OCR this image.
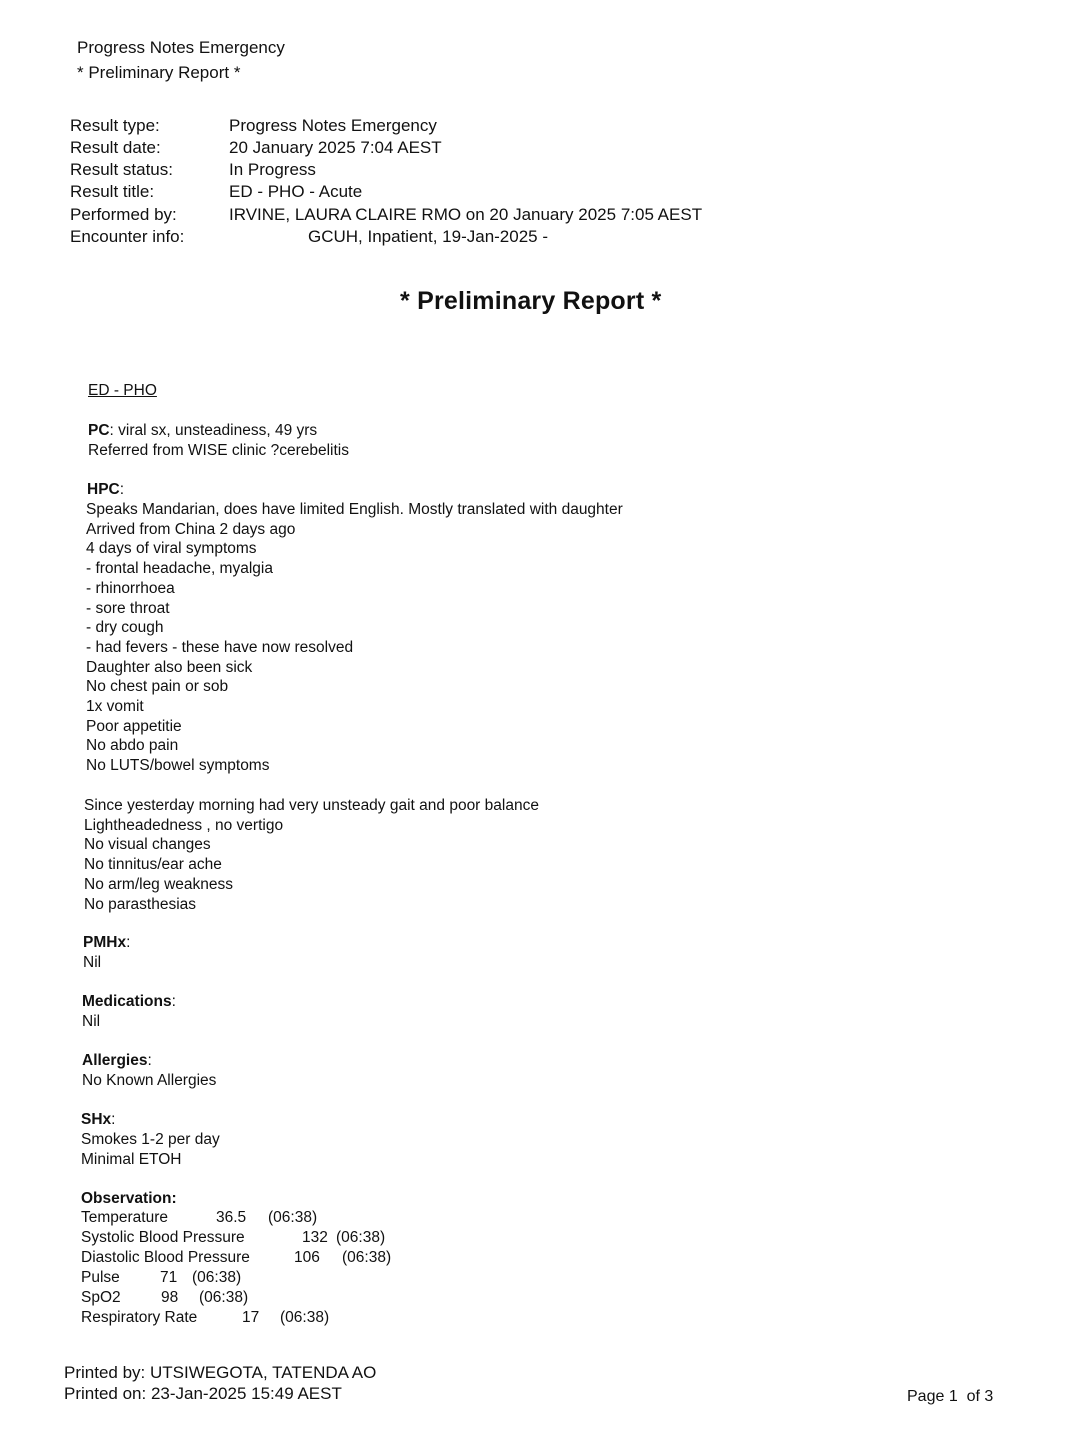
Progress Notes Emergency
* Preliminary Report *
Result type:	Progress Notes Emergency
Result date:	20 January 2025 7:04 AEST
Result status:	In Progress
Result title:	ED - PHO - Acute
Performed by:	IRVINE, LAURA CLAIRE RMO on 20 January 2025 7:05 AEST
Encounter info:	GCUH, Inpatient, 19-Jan-2025 -
* Preliminary Report *
ED - PHO
PC: viral sx, unsteadiness, 49 yrs
Referred from WISE clinic ?cerebelitis
HPC:
Speaks Mandarian, does have limited English. Mostly translated with daughter
Arrived from China 2 days ago
4 days of viral symptoms
- frontal headache, myalgia
- rhinorrhoea
- sore throat
- dry cough
- had fevers - these have now resolved
Daughter also been sick
No chest pain or sob
1x vomit
Poor appetitie
No abdo pain
No LUTS/bowel symptoms
Since yesterday morning had very unsteady gait and poor balance
Lightheadedness , no vertigo
No visual changes
No tinnitus/ear ache
No arm/leg weakness
No parasthesias
PMHx:
Nil
Medications:
Nil
Allergies:
No Known Allergies
SHx:
Smokes 1-2 per day
Minimal ETOH
Observation:
Temperature	36.5 (06:38)
Systolic Blood Pressure	132 (06:38)
Diastolic Blood Pressure	106 (06:38)
Pulse	71 (06:38)
SpO2	98 (06:38)
Respiratory Rate	17 (06:38)
Printed by: UTSIWEGOTA, TATENDA AO
Printed on: 23-Jan-2025 15:49 AEST	Page 1  of 3
